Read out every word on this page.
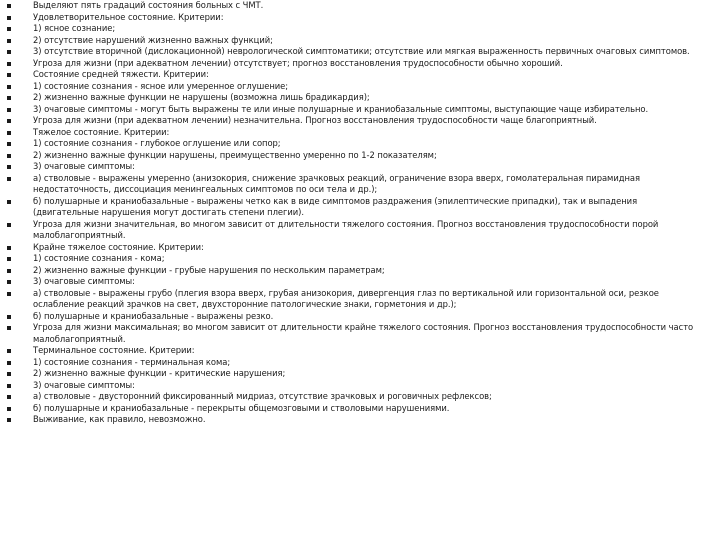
Выделяют пять градаций состояния больных с ЧМТ.
Удовлетворительное состояние. Критерии:
1) ясное сознание;
2) отсутствие нарушений жизненно важных функций;
3) отсутствие вторичной (дислокационной) неврологической симптоматики; отсутствие или мягкая выраженность первичных очаговых симптомов.
Угроза для жизни (при адекватном лечении) отсутствует; прогноз восстановления трудоспособности обычно хороший.
Состояние средней тяжести. Критерии:
1) состояние сознания - ясное или умеренное оглушение;
2) жизненно важные функции не нарушены (возможна лишь брадикардия);
3) очаговые симптомы - могут быть выражены те или иные полушарные и краниобазальные симптомы, выступающие чаще избирательно.
Угроза для жизни (при адекватном лечении) незначительна. Прогноз восстановления трудоспособности чаще благоприятный.
Тяжелое состояние. Критерии:
1) состояние сознания - глубокое оглушение или сопор;
2) жизненно важные функции нарушены, преимущественно умеренно по 1-2 показателям;
3) очаговые симптомы:
а) стволовые - выражены умеренно (анизокория, снижение зрачковых реакций, ограничение взора вверх, гомолатеральная пирамидная недостаточность, диссоциация менингеальных симптомов по оси тела и др.);
б) полушарные и краниобазальные - выражены четко как в виде симптомов раздражения (эпилептические припадки), так и выпадения (двигательные нарушения могут достигать степени плегии).
Угроза для жизни значительная, во многом зависит от длительности тяжелого состояния. Прогноз восстановления трудоспособности порой малоблагоприятный.
Крайне тяжелое состояние. Критерии:
1) состояние сознания - кома;
2) жизненно важные функции - грубые нарушения по нескольким параметрам;
3) очаговые симптомы:
а) стволовые - выражены грубо (плегия взора вверх, грубая анизокория, дивергенция глаз по вертикальной или горизонтальной оси, резкое ослабление реакций зрачков на свет, двухсторонние патологические знаки, горметония и др.);
б) полушарные и краниобазальные - выражены резко.
Угроза для жизни максимальная; во многом зависит от длительности крайне тяжелого состояния. Прогноз восстановления трудоспособности часто малоблагоприятный.
Терминальное состояние. Критерии:
1) состояние сознания - терминальная кома;
2) жизненно важные функции - критические нарушения;
3) очаговые симптомы:
а) стволовые - двусторонний фиксированный мидриаз, отсутствие зрачковых и роговичных рефлексов;
б) полушарные и краниобазальные - перекрыты общемозговыми и стволовыми нарушениями.
Выживание, как правило, невозможно.
